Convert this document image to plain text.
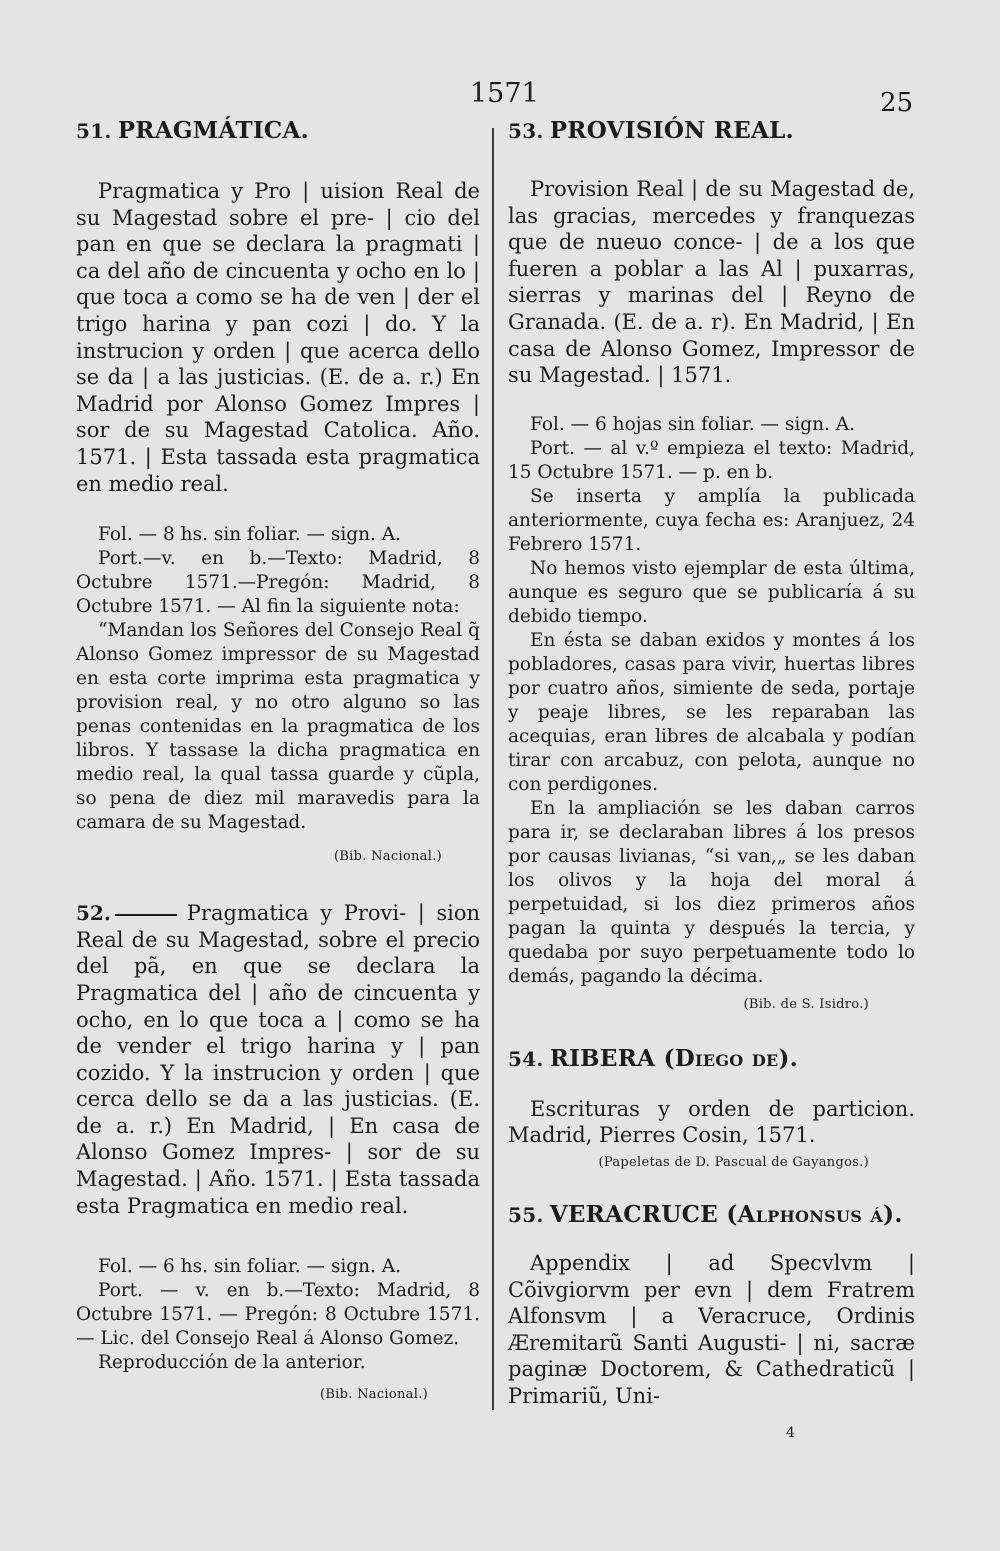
1571	25
51. PRAGMÁTICA.

Pragmatica y Pro | uision Real de su Magestad sobre el pre- | cio del pan en que se declara la pragmati | ca del año de cincuenta y ocho en lo | que toca a como se ha de ven | der el trigo harina y pan cozi | do. Y la instrucion y orden | que acerca dello se da | a las justicias. (E. de a. r.) En Madrid por Alonso Gomez Impres | sor de su Magestad Catolica. Año. 1571. | Esta tassada esta pragmatica en medio real.

Fol. — 8 hs. sin foliar. — sign. A.

Port.—v. en b.—Texto: Madrid, 8 Octubre 1571.—Pregón: Madrid, 8 Octubre 1571. — Al fin la siguiente nota:

“Mandan los Señores del Consejo Real q̃ Alonso Gomez impressor de su Magestad en esta corte imprima esta pragmatica y provision real, y no otro alguno so las penas contenidas en la pragmatica de los libros. Y tassase la dicha pragmatica en medio real, la qual tassa guarde y cũpla, so pena de diez mil maravedis para la camara de su Magestad.

(Bib. Nacional.)

52.	Pragmatica y Provi- | sion Real de su Magestad, sobre el precio del pã, en que se declara la Pragmatica del | año de cincuenta y ocho, en lo que toca a | como se ha de vender el trigo harina y | pan cozido. Y la instrucion y orden | que cerca dello se da a las justicias. (E. de a. r.) En Madrid, | En casa de Alonso Gomez Impres- | sor de su Magestad. | Año. 1571. | Esta tassada esta Pragmatica en medio real.

Fol. — 6 hs. sin foliar. — sign. A.

Port. — v. en b.—Texto: Madrid, 8 Octubre 1571. — Pregón: 8 Octubre 1571. — Lic. del Consejo Real á Alonso Gomez.

Reproducción de la anterior.

(Bib. Nacional.)

53. PROVISIÓN REAL.

Provision Real | de su Magestad de, las gracias, mercedes y franquezas que de nueuo conce- | de a los que fueren a poblar a las Al | puxarras, sierras y marinas del | Reyno de Granada. (E. de a. r). En Madrid, | En casa de Alonso Gomez, Impressor de su Magestad. | 1571.

Fol. — 6 hojas sin foliar. — sign. A.

Port. — al v.º empieza el texto: Madrid, 15 Octubre 1571. — p. en b.

Se inserta y amplía la publicada anteriormente, cuya fecha es: Aranjuez, 24 Febrero 1571.

No hemos visto ejemplar de esta última, aunque es seguro que se publicaría á su debido tiempo.

En ésta se daban exidos y montes á los pobladores, casas para vivir, huertas libres por cuatro años, simiente de seda, portaje y peaje libres, se les reparaban las acequias, eran libres de alcabala y podían tirar con arcabuz, con pelota, aunque no con perdigones.

En la ampliación se les daban carros para ir, se declaraban libres á los presos por causas livianas, “si van,„ se les daban los olivos y la hoja del moral á perpetuidad, si los diez primeros años pagan la quinta y después la tercia, y quedaba por suyo perpetuamente todo lo demás, pagando la décima.

(Bib. de S. Isidro.)

54. RIBERA (Diego de).

Escrituras y orden de particion. Madrid, Pierres Cosin, 1571.

(Papeletas de D. Pascual de Gayangos.)

55. VERACRUCE (Alphonsus á).

Appendix | ad Specvlvm | Cõivgiorvm per evn | dem Fratrem Alfonsvm | a Veracruce, Ordinis Æremitarũ Santi Augusti- | ni, sacræ paginæ Doctorem, & Cathedraticũ | Primariũ, Uni-

4
